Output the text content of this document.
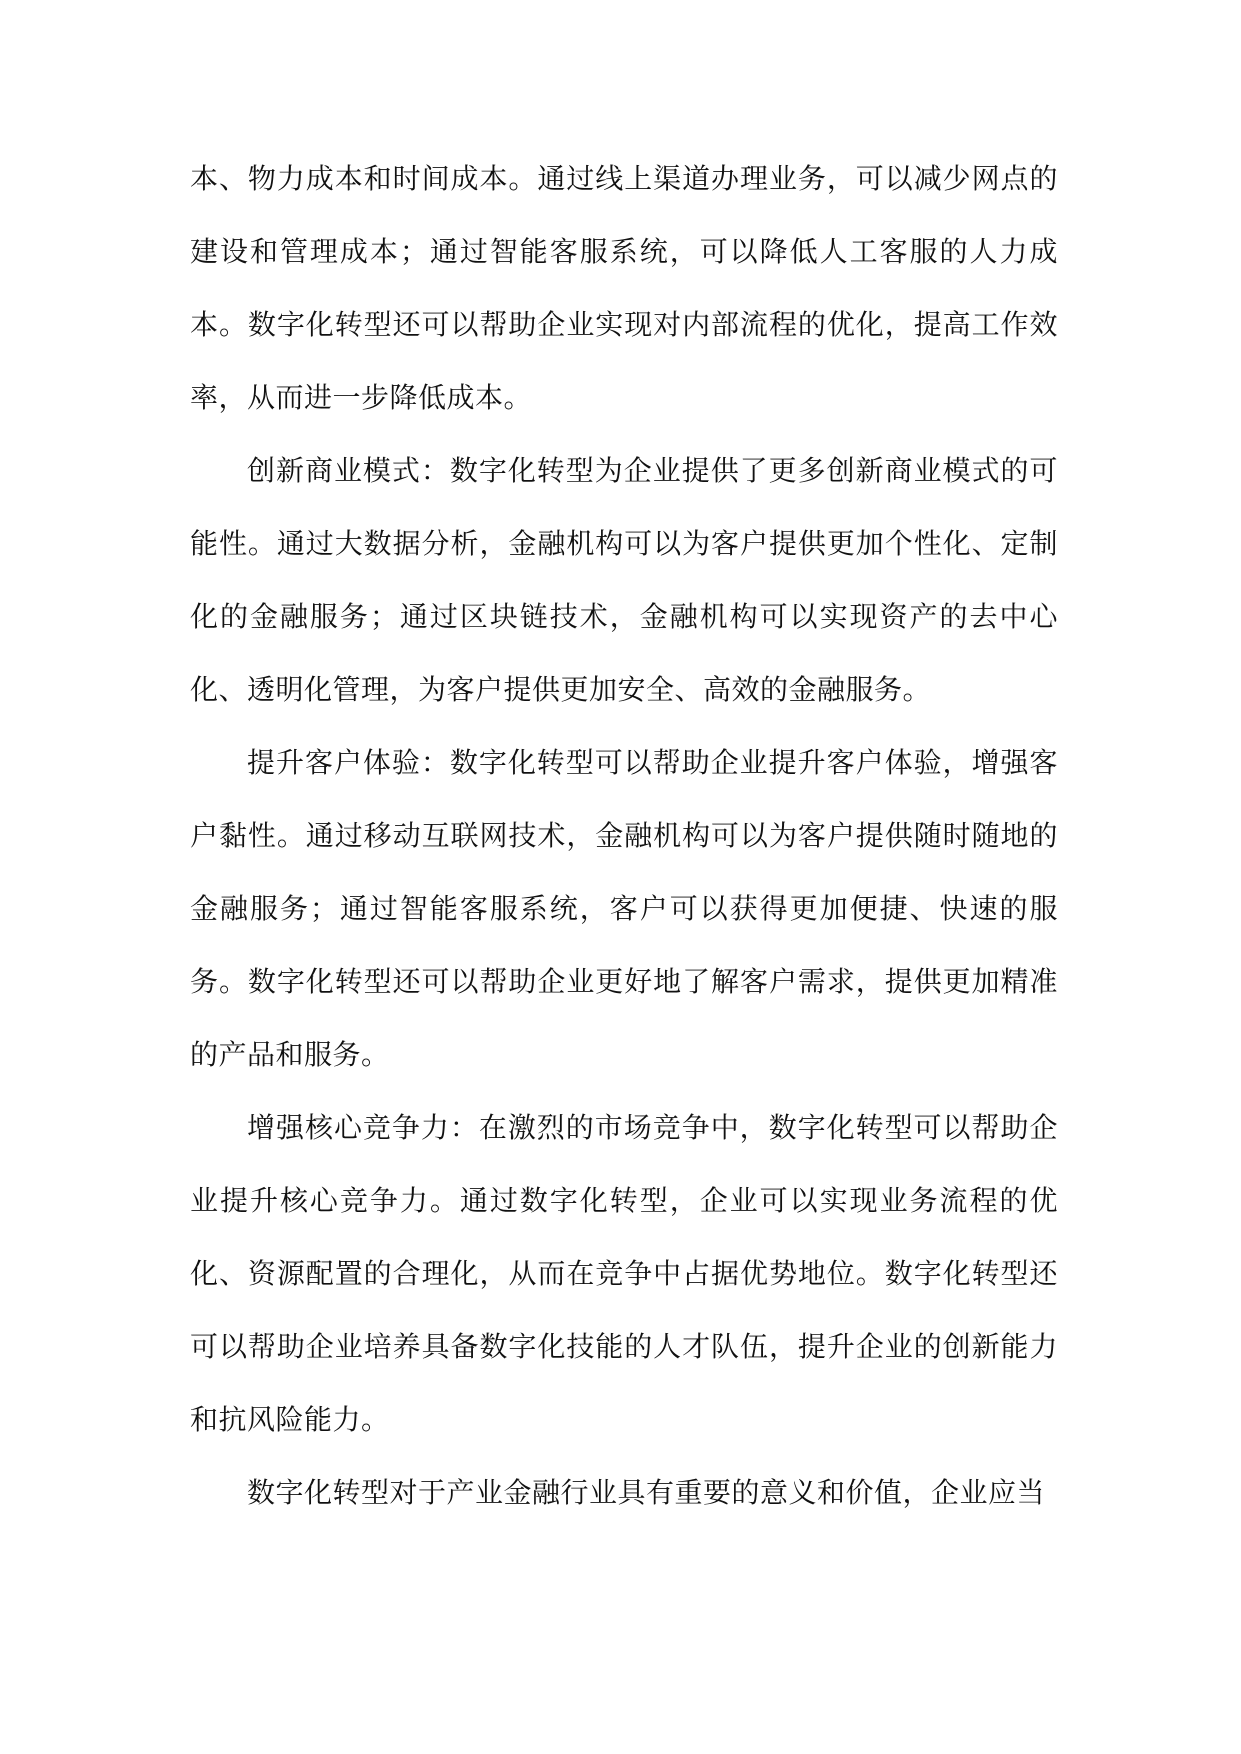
本、物力成本和时间成本。通过线上渠道办理业务，可以减少网点的建设和管理成本；通过智能客服系统，可以降低人工客服的人力成本。数字化转型还可以帮助企业实现对内部流程的优化，提高工作效率，从而进一步降低成本。

创新商业模式：数字化转型为企业提供了更多创新商业模式的可能性。通过大数据分析，金融机构可以为客户提供更加个性化、定制化的金融服务；通过区块链技术，金融机构可以实现资产的去中心化、透明化管理，为客户提供更加安全、高效的金融服务。

提升客户体验：数字化转型可以帮助企业提升客户体验，增强客户黏性。通过移动互联网技术，金融机构可以为客户提供随时随地的金融服务；通过智能客服系统，客户可以获得更加便捷、快速的服务。数字化转型还可以帮助企业更好地了解客户需求，提供更加精准的产品和服务。

增强核心竞争力：在激烈的市场竞争中，数字化转型可以帮助企业提升核心竞争力。通过数字化转型，企业可以实现业务流程的优化、资源配置的合理化，从而在竞争中占据优势地位。数字化转型还可以帮助企业培养具备数字化技能的人才队伍，提升企业的创新能力和抗风险能力。

数字化转型对于产业金融行业具有重要的意义和价值，企业应当
